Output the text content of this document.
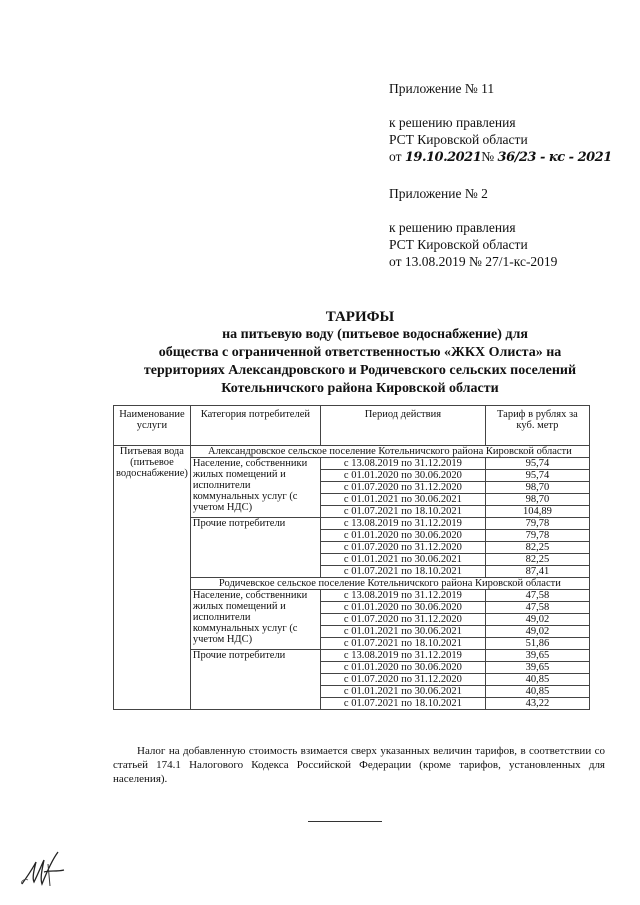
Приложение № 11
к решению правления
РСТ Кировской области
от 19.10.2021№ 36/23 - кс - 2021
Приложение № 2
к решению правления
РСТ Кировской области
от 13.08.2019 № 27/1-кс-2019
ТАРИФЫ
на питьевую воду (питьевое водоснабжение) для
общества с ограниченной ответственностью «ЖКХ Олиста» на
территориях Александровского и Родичевского сельских поселений
Котельничского района Кировской области
Наименование услуги	Категория потребителей	Период действия	Тариф в рублях за куб. метр
Питьевая вода (питьевое водоснабжение)	Александровское сельское поселение Котельничского района Кировской области		
	Население, собственники жилых помещений и исполнители коммунальных услуг (с учетом НДС)	с 13.08.2019 по 31.12.2019	95,74
		с 01.01.2020 по 30.06.2020	95,74
		с 01.07.2020 по 31.12.2020	98,70
		с 01.01.2021 по 30.06.2021	98,70
		с 01.07.2021 по 18.10.2021	104,89
	Прочие потребители	с 13.08.2019 по 31.12.2019	79,78
		с 01.01.2020 по 30.06.2020	79,78
		с 01.07.2020 по 31.12.2020	82,25
		с 01.01.2021 по 30.06.2021	82,25
		с 01.07.2021 по 18.10.2021	87,41
	Родичевское сельское поселение Котельничского района Кировской области		
	Население, собственники жилых помещений и исполнители коммунальных услуг (с учетом НДС)	с 13.08.2019 по 31.12.2019	47,58
		с 01.01.2020 по 30.06.2020	47,58
		с 01.07.2020 по 31.12.2020	49,02
		с 01.01.2021 по 30.06.2021	49,02
		с 01.07.2021 по 18.10.2021	51,86
	Прочие потребители	с 13.08.2019 по 31.12.2019	39,65
		с 01.01.2020 по 30.06.2020	39,65
		с 01.07.2020 по 31.12.2020	40,85
		с 01.01.2021 по 30.06.2021	40,85
		с 01.07.2021 по 18.10.2021	43,22
Налог на добавленную стоимость взимается сверх указанных величин тарифов, в соответствии со статьей 174.1 Налогового Кодекса Российской Федерации (кроме тарифов, установленных для населения).
